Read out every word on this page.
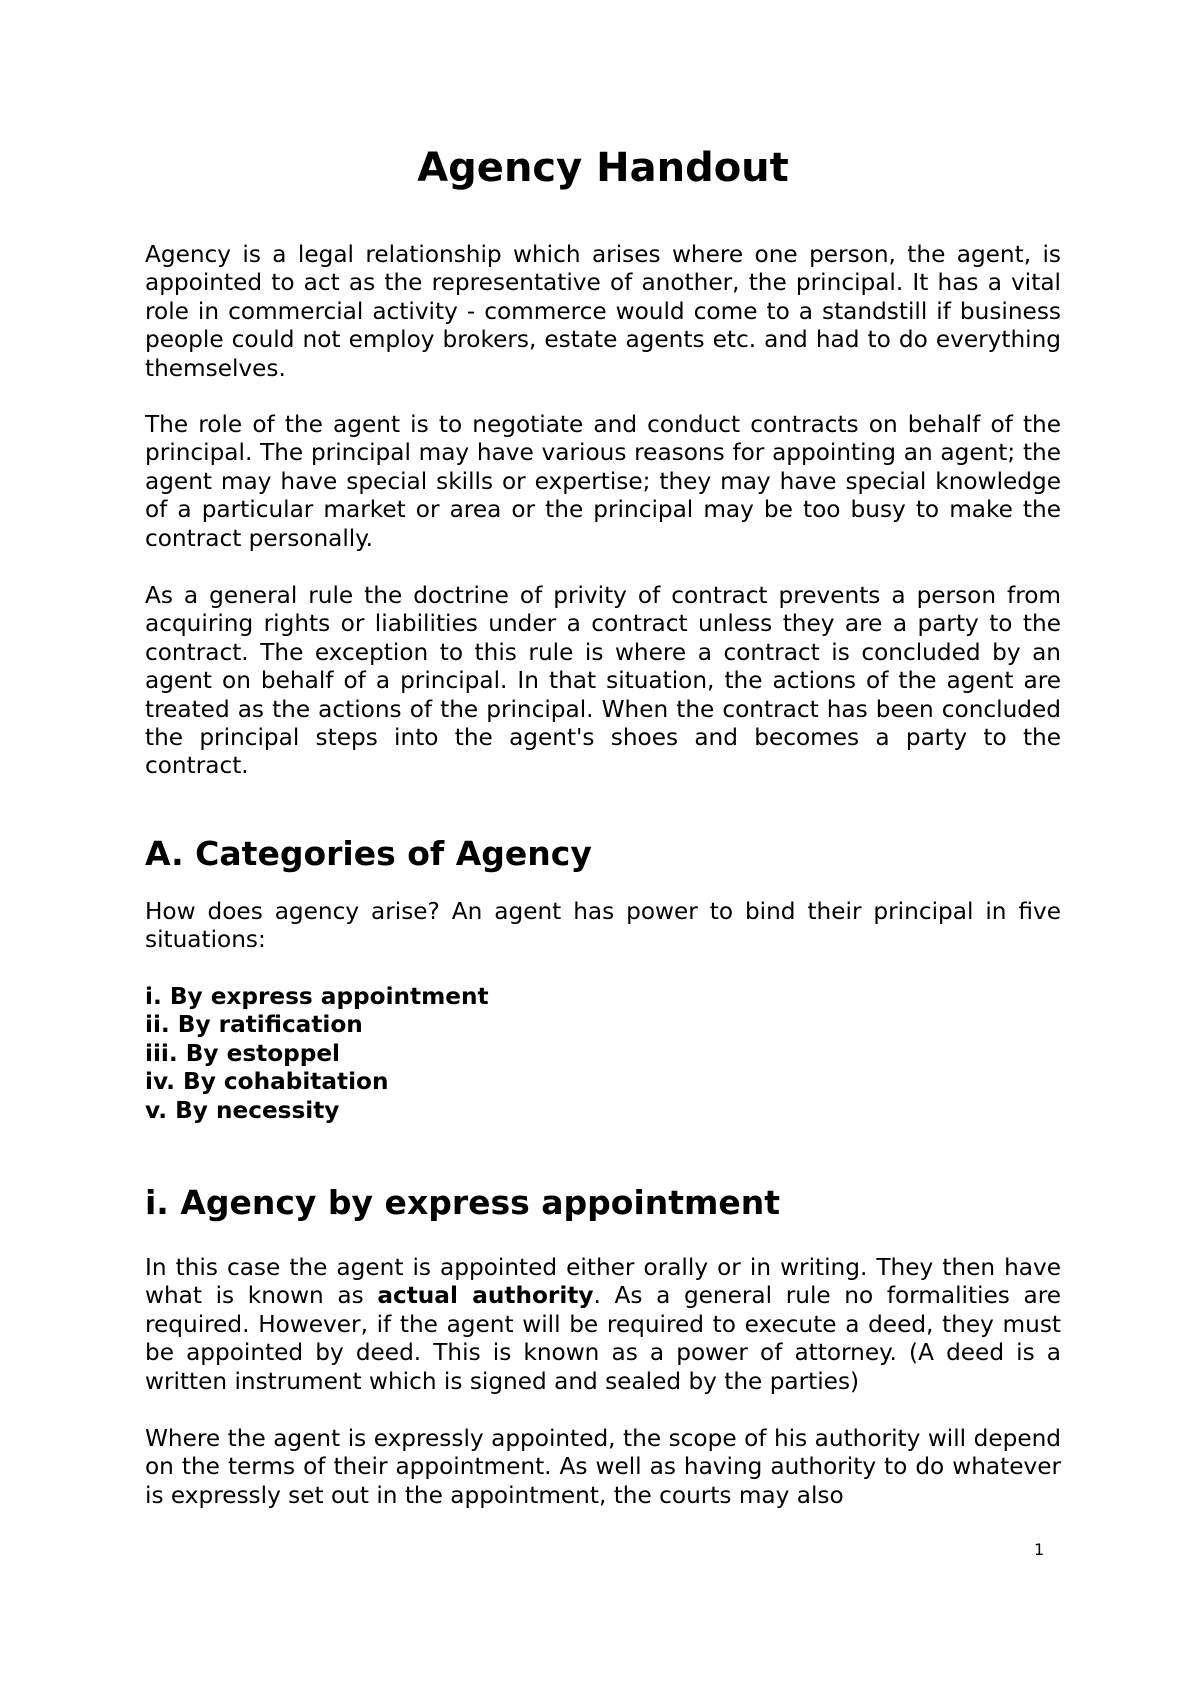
Agency Handout

Agency is a legal relationship which arises where one person, the agent, is appointed to act as the representative of another, the principal. It has a vital role in commercial activity - commerce would come to a standstill if business people could not employ brokers, estate agents etc. and had to do everything themselves.

The role of the agent is to negotiate and conduct contracts on behalf of the principal. The principal may have various reasons for appointing an agent; the agent may have special skills or expertise; they may have special knowledge of a particular market or area or the principal may be too busy to make the contract personally.

As a general rule the doctrine of privity of contract prevents a person from acquiring rights or liabilities under a contract unless they are a party to the contract. The exception to this rule is where a contract is concluded by an agent on behalf of a principal. In that situation, the actions of the agent are treated as the actions of the principal. When the contract has been concluded the principal steps into the agent's shoes and becomes a party to the contract.

A. Categories of Agency

How does agency arise? An agent has power to bind their principal in five situations:

i. By express appointment
ii. By ratification
iii. By estoppel
iv. By cohabitation
v. By necessity
i. Agency by express appointment

In this case the agent is appointed either orally or in writing. They then have what is known as actual authority. As a general rule no formalities are required. However, if the agent will be required to execute a deed, they must be appointed by deed. This is known as a power of attorney. (A deed is a written instrument which is signed and sealed by the parties)

Where the agent is expressly appointed, the scope of his authority will depend on the terms of their appointment. As well as having authority to do whatever is expressly set out in the appointment, the courts may also

1
